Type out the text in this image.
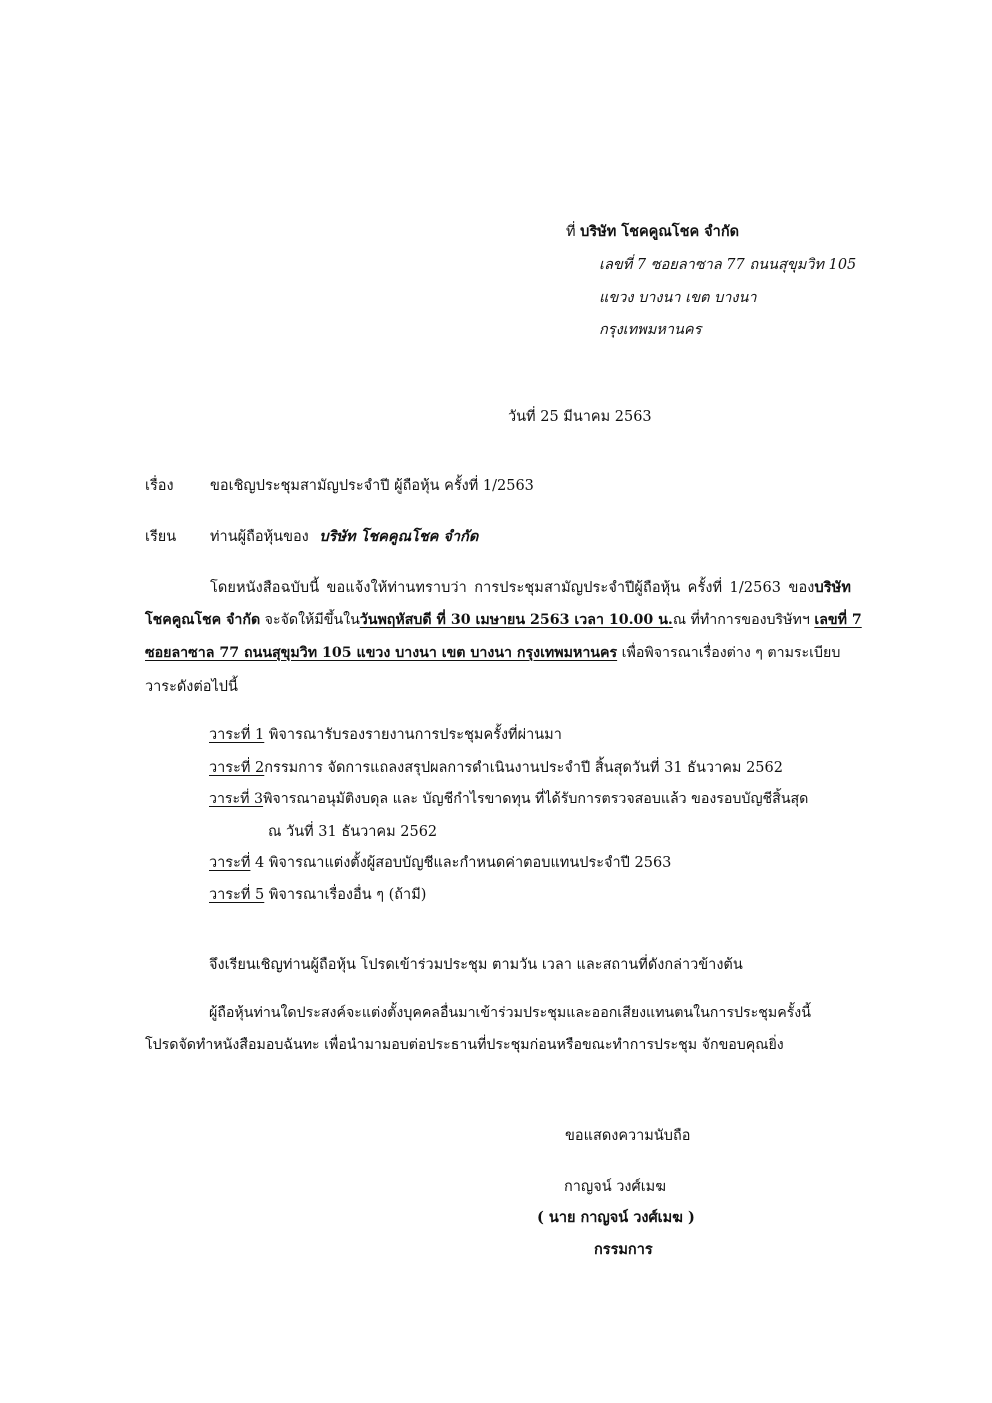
ที่ บริษัท โชคคูณโชค จำกัด
เลขที่ 7 ซอยลาซาล 77 ถนนสุขุมวิท 105
แขวง บางนา เขต บางนา
กรุงเทพมหานคร
วันที่ 25 มีนาคม 2563
เรื่อง	ขอเชิญประชุมสามัญประจำปี ผู้ถือหุ้น ครั้งที่ 1/2563
เรียน ท่านผู้ถือหุ้นของ บริษัท โชคคูณโชค จำกัด
โดยหนังสือฉบับนี้ ขอแจ้งให้ท่านทราบว่า การประชุมสามัญประจำปีผู้ถือหุ้น ครั้งที่ 1/2563 ของบริษัท
โชคคูณโชค จำกัด จะจัดให้มีขึ้นในวันพฤหัสบดี ที่ 30 เมษายน 2563 เวลา 10.00 น.ณ ที่ทำการของบริษัทฯ เลขที่ 7
ซอยลาซาล 77 ถนนสุขุมวิท 105 แขวง บางนา เขต บางนา กรุงเทพมหานคร เพื่อพิจารณาเรื่องต่าง ๆ ตามระเบียบ
วาระดังต่อไปนี้
วาระที่ 1 พิจารณารับรองรายงานการประชุมครั้งที่ผ่านมา
วาระที่ 2กรรมการ จัดการแถลงสรุปผลการดำเนินงานประจำปี สิ้นสุดวันที่ 31 ธันวาคม 2562
วาระที่ 3พิจารณาอนุมัติงบดุล และ บัญชีกำไรขาดทุน ที่ได้รับการตรวจสอบแล้ว ของรอบบัญชีสิ้นสุด
ณ วันที่ 31 ธันวาคม 2562
วาระที่ 4 พิจารณาแต่งตั้งผู้สอบบัญชีและกำหนดค่าตอบแทนประจำปี 2563
วาระที่ 5 พิจารณาเรื่องอื่น ๆ (ถ้ามี)
จึงเรียนเชิญท่านผู้ถือหุ้น โปรดเข้าร่วมประชุม ตามวัน เวลา และสถานที่ดังกล่าวข้างต้น
ผู้ถือหุ้นท่านใดประสงค์จะแต่งตั้งบุคคลอื่นมาเข้าร่วมประชุมและออกเสียงแทนตนในการประชุมครั้งนี้
โปรดจัดทำหนังสือมอบฉันทะ เพื่อนำมามอบต่อประธานที่ประชุมก่อนหรือขณะทำการประชุม จักขอบคุณยิ่ง
ขอแสดงความนับถือ
กาญจน์ วงศ์เมฆ
( นาย กาญจน์ วงศ์เมฆ )
กรรมการ
